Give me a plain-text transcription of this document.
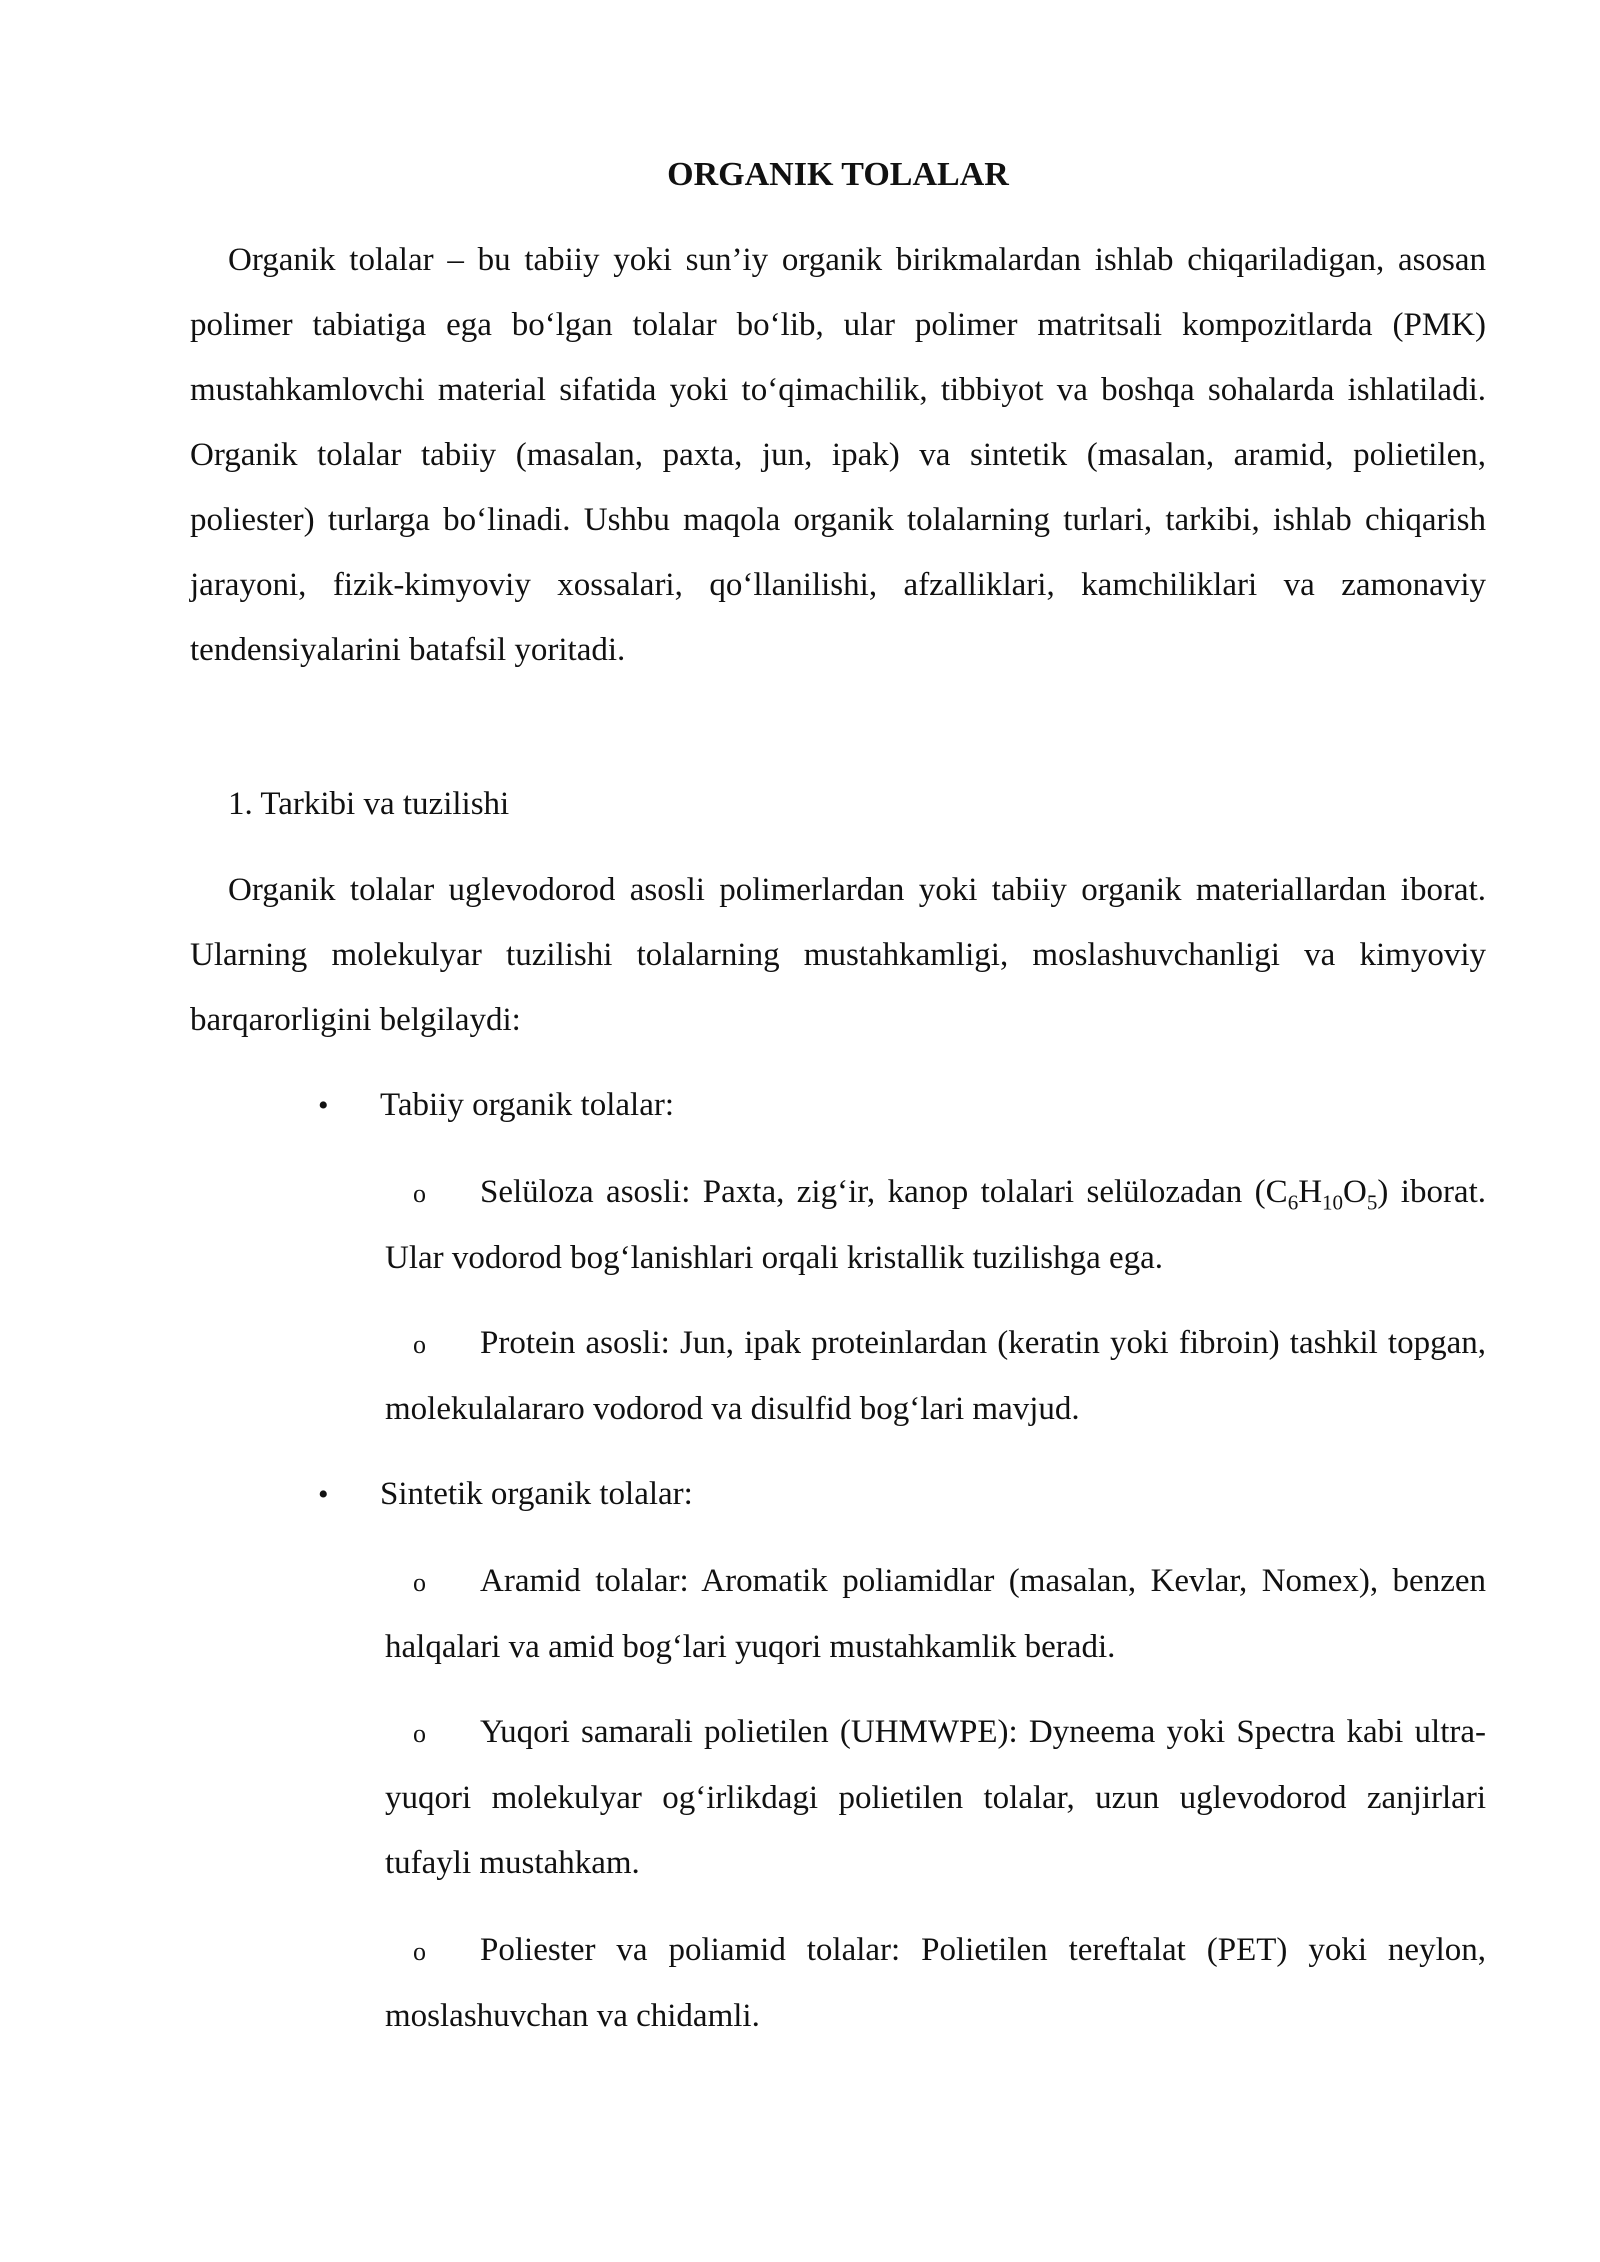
ORGANIK TOLALAR

Organik tolalar – bu tabiiy yoki sun’iy organik birikmalardan ishlab chiqariladigan, asosan polimer tabiatiga ega bo‘lgan tolalar bo‘lib, ular polimer matritsali kompozitlarda (PMK) mustahkamlovchi material sifatida yoki to‘qimachilik, tibbiyot va boshqa sohalarda ishlatiladi. Organik tolalar tabiiy (masalan, paxta, jun, ipak) va sintetik (masalan, aramid, polietilen, poliester) turlarga bo‘linadi. Ushbu maqola organik tolalarning turlari, tarkibi, ishlab chiqarish jarayoni, fizik-kimyoviy xossalari, qo‘llanilishi, afzalliklari, kamchiliklari va zamonaviy tendensiyalarini batafsil yoritadi.

1. Tarkibi va tuzilishi

Organik tolalar uglevodorod asosli polimerlardan yoki tabiiy organik materiallardan iborat. Ularning molekulyar tuzilishi tolalarning mustahkamligi, moslashuvchanligi va kimyoviy barqarorligini belgilaydi:

• Tabiiy organik tolalar:

o Selüloza asosli: Paxta, zig‘ir, kanop tolalari selülozadan $(C_6H_{10}O_5)$ iborat. Ular vodorod bog‘lanishlari orqali kristallik tuzilishga ega.

o Protein asosli: Jun, ipak proteinlardan (keratin yoki fibroin) tashkil topgan, molekulalararo vodorod va disulfid bog‘lari mavjud.

• Sintetik organik tolalar:

o Aramid tolalar: Aromatik poliamidlar (masalan, Kevlar, Nomex), benzen halqalari va amid bog‘lari yuqori mustahkamlik beradi.

o Yuqori samarali polietilen (UHMWPE): Dyneema yoki Spectra kabi ultra-yuqori molekulyar og‘irlikdagi polietilen tolalar, uzun uglevodorod zanjirlari tufayli mustahkam.

o Poliester va poliamid tolalar: Polietilen tereftalat (PET) yoki neylon, moslashuvchan va chidamli.
